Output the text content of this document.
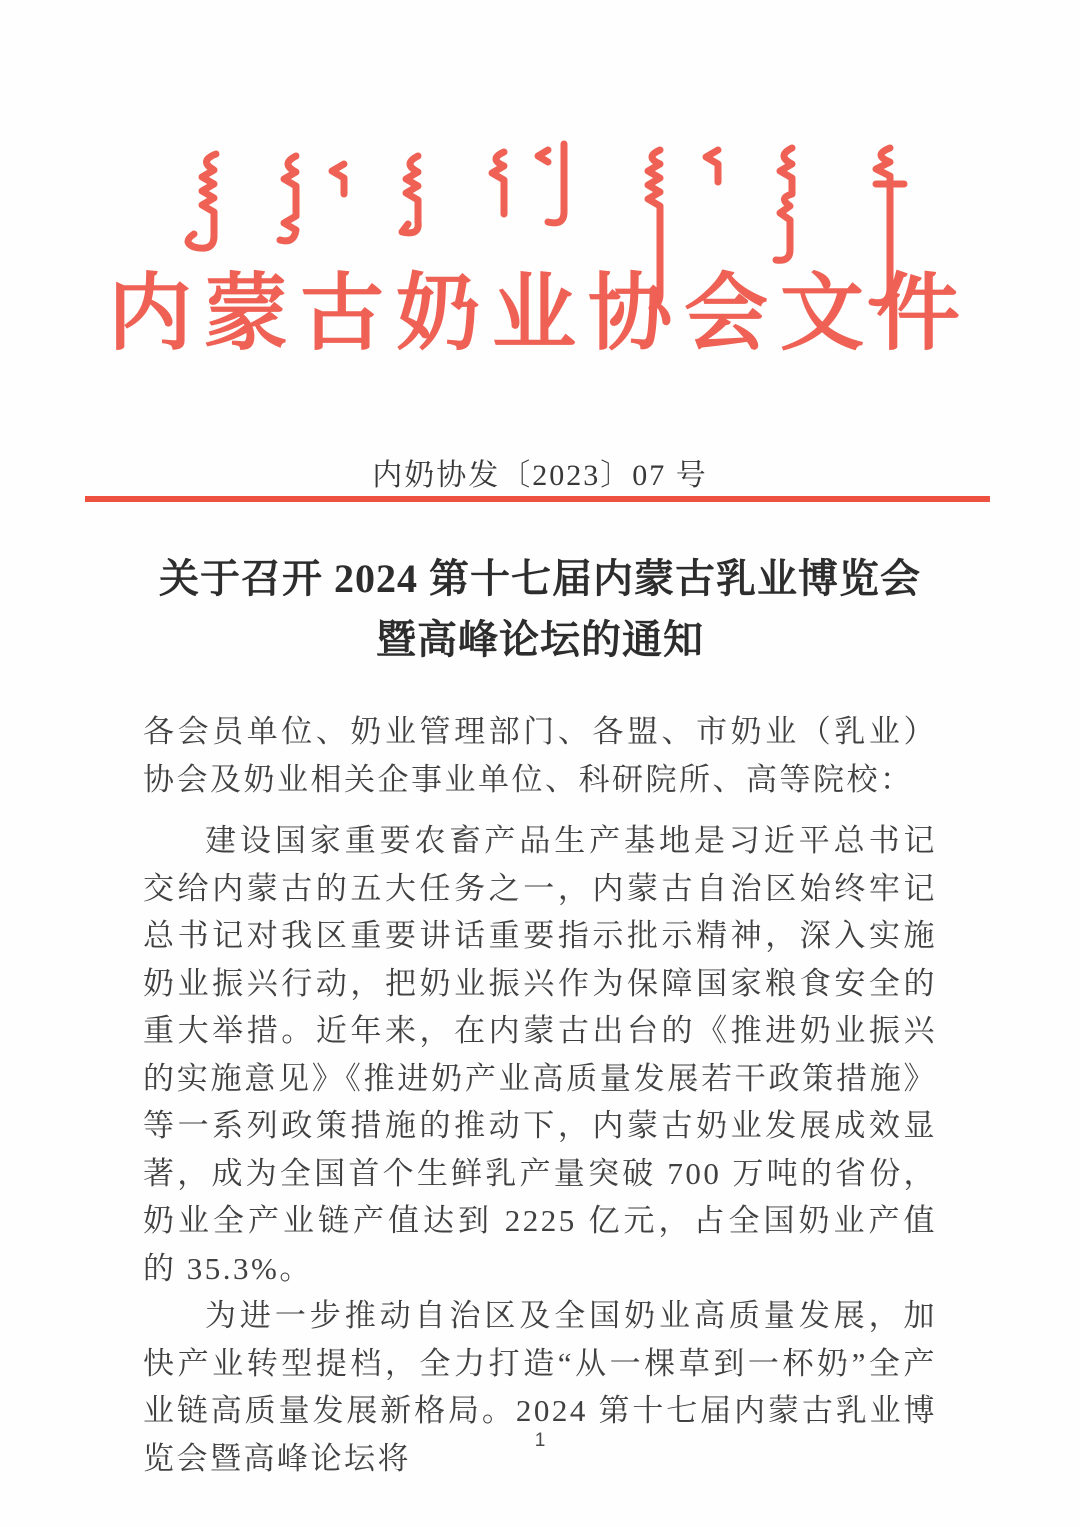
内蒙古奶业协会文件
内奶协发〔2023〕07 号
关于召开 2024 第十七届内蒙古乳业博览会
暨高峰论坛的通知

各会员单位、奶业管理部门、各盟、市奶业（乳业）协会及奶业相关企事业单位、科研院所、高等院校：

建设国家重要农畜产品生产基地是习近平总书记交给内蒙古的五大任务之一，内蒙古自治区始终牢记总书记对我区重要讲话重要指示批示精神，深入实施奶业振兴行动，把奶业振兴作为保障国家粮食安全的重大举措。近年来，在内蒙古出台的《推进奶业振兴的实施意见》《推进奶产业高质量发展若干政策措施》等一系列政策措施的推动下，内蒙古奶业发展成效显著，成为全国首个生鲜乳产量突破 700 万吨的省份，奶业全产业链产值达到 2225 亿元，占全国奶业产值的 35.3%。

为进一步推动自治区及全国奶业高质量发展，加快产业转型提档，全力打造“从一棵草到一杯奶”全产业链高质量发展新格局。2024 第十七届内蒙古乳业博览会暨高峰论坛将	1
